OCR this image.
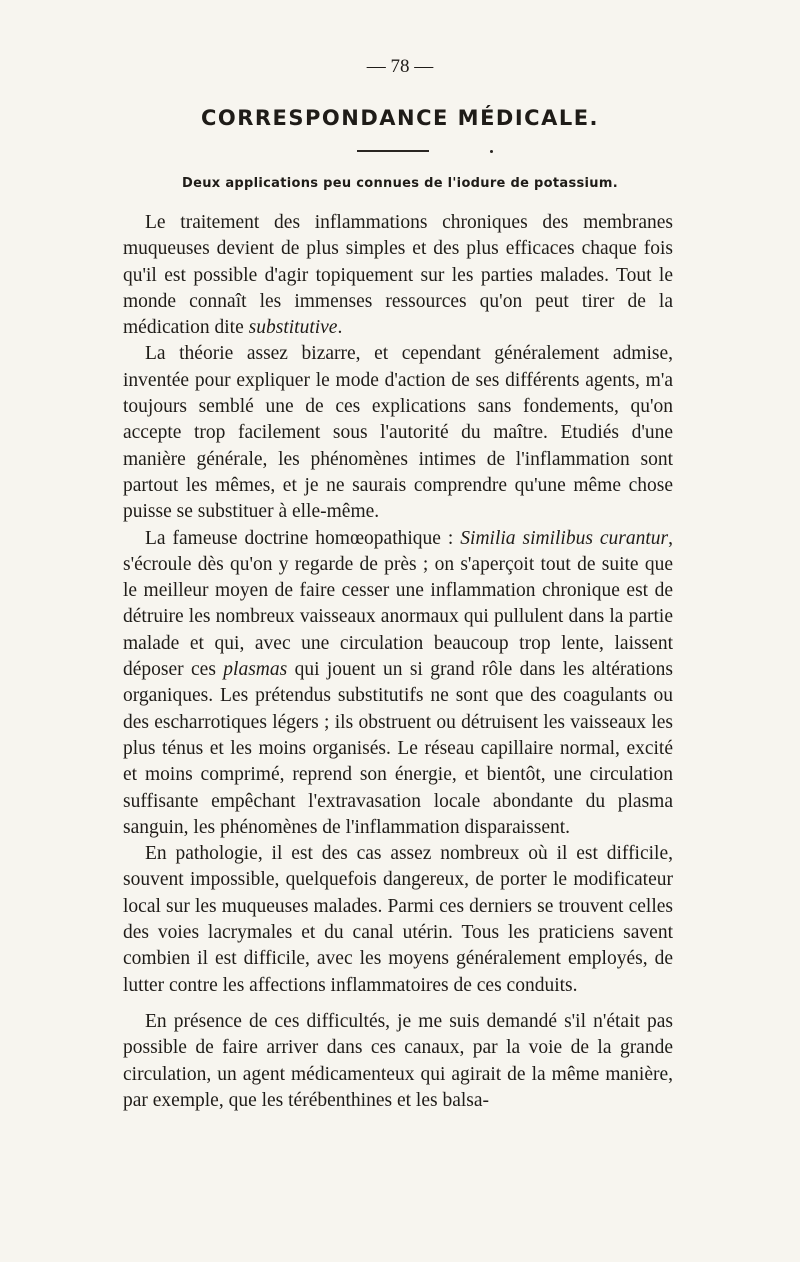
— 78 —
CORRESPONDANCE MÉDICALE.
Deux applications peu connues de l'iodure de potassium.

Le traitement des inflammations chroniques des membranes muqueuses devient de plus simples et des plus efficaces chaque fois qu'il est possible d'agir topiquement sur les parties malades. Tout le monde connaît les immenses ressources qu'on peut tirer de la médication dite substitutive.

La théorie assez bizarre, et cependant généralement admise, inventée pour expliquer le mode d'action de ses différents agents, m'a toujours semblé une de ces explications sans fondements, qu'on accepte trop facilement sous l'autorité du maître. Etudiés d'une manière générale, les phénomènes intimes de l'inflammation sont partout les mêmes, et je ne saurais comprendre qu'une même chose puisse se substituer à elle-même.

La fameuse doctrine homœopathique : Similia similibus curantur, s'écroule dès qu'on y regarde de près ; on s'aperçoit tout de suite que le meilleur moyen de faire cesser une inflammation chronique est de détruire les nombreux vaisseaux anormaux qui pullulent dans la partie malade et qui, avec une circulation beaucoup trop lente, laissent déposer ces plasmas qui jouent un si grand rôle dans les altérations organiques. Les prétendus substitutifs ne sont que des coagulants ou des escharrotiques légers ; ils obstruent ou détruisent les vaisseaux les plus ténus et les moins organisés. Le réseau capillaire normal, excité et moins comprimé, reprend son énergie, et bientôt, une circulation suffisante empêchant l'extravasation locale abondante du plasma sanguin, les phénomènes de l'inflammation disparaissent.

En pathologie, il est des cas assez nombreux où il est difficile, souvent impossible, quelquefois dangereux, de porter le modificateur local sur les muqueuses malades. Parmi ces derniers se trouvent celles des voies lacrymales et du canal utérin. Tous les praticiens savent combien il est difficile, avec les moyens généralement employés, de lutter contre les affections inflammatoires de ces conduits.

En présence de ces difficultés, je me suis demandé s'il n'était pas possible de faire arriver dans ces canaux, par la voie de la grande circulation, un agent médicamenteux qui agirait de la même manière, par exemple, que les térébenthines et les balsa-
